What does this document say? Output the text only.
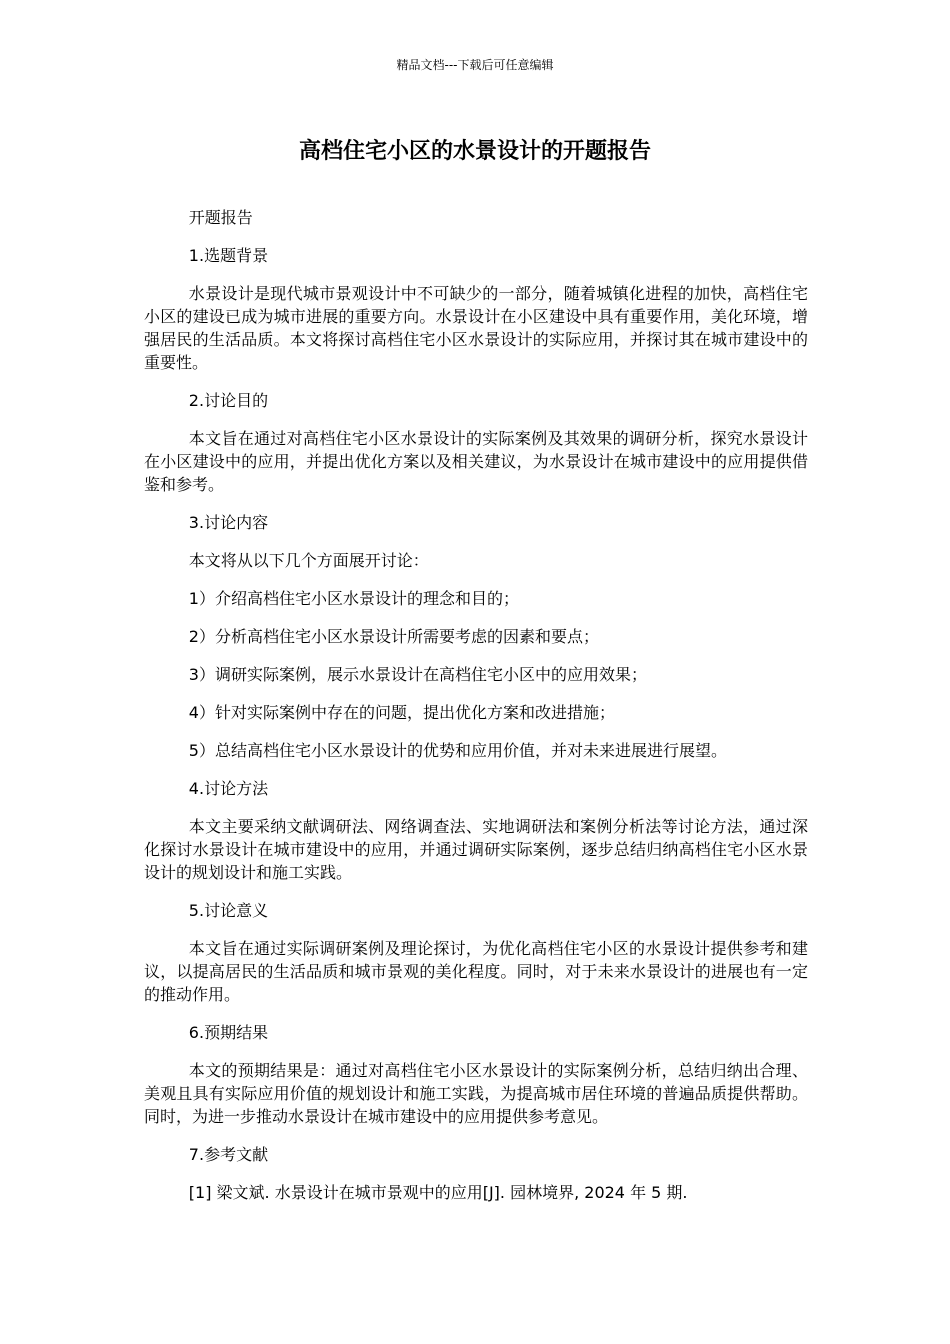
精品文档---下载后可任意编辑
高档住宅小区的水景设计的开题报告

开题报告

1.选题背景

水景设计是现代城市景观设计中不可缺少的一部分，随着城镇化进程的加快，高档住宅小区的建设已成为城市进展的重要方向。水景设计在小区建设中具有重要作用，美化环境，增强居民的生活品质。本文将探讨高档住宅小区水景设计的实际应用，并探讨其在城市建设中的重要性。

2.讨论目的

本文旨在通过对高档住宅小区水景设计的实际案例及其效果的调研分析，探究水景设计在小区建设中的应用，并提出优化方案以及相关建议，为水景设计在城市建设中的应用提供借鉴和参考。

3.讨论内容

本文将从以下几个方面展开讨论：

1）介绍高档住宅小区水景设计的理念和目的；

2）分析高档住宅小区水景设计所需要考虑的因素和要点；

3）调研实际案例，展示水景设计在高档住宅小区中的应用效果；

4）针对实际案例中存在的问题，提出优化方案和改进措施；

5）总结高档住宅小区水景设计的优势和应用价值，并对未来进展进行展望。

4.讨论方法

本文主要采纳文献调研法、网络调查法、实地调研法和案例分析法等讨论方法，通过深化探讨水景设计在城市建设中的应用，并通过调研实际案例，逐步总结归纳高档住宅小区水景设计的规划设计和施工实践。

5.讨论意义

本文旨在通过实际调研案例及理论探讨，为优化高档住宅小区的水景设计提供参考和建议，以提高居民的生活品质和城市景观的美化程度。同时，对于未来水景设计的进展也有一定的推动作用。

6.预期结果

本文的预期结果是：通过对高档住宅小区水景设计的实际案例分析，总结归纳出合理、美观且具有实际应用价值的规划设计和施工实践，为提高城市居住环境的普遍品质提供帮助。同时，为进一步推动水景设计在城市建设中的应用提供参考意见。

7.参考文献

[1] 梁文斌. 水景设计在城市景观中的应用[J]. 园林境界, 2024 年 5 期.
